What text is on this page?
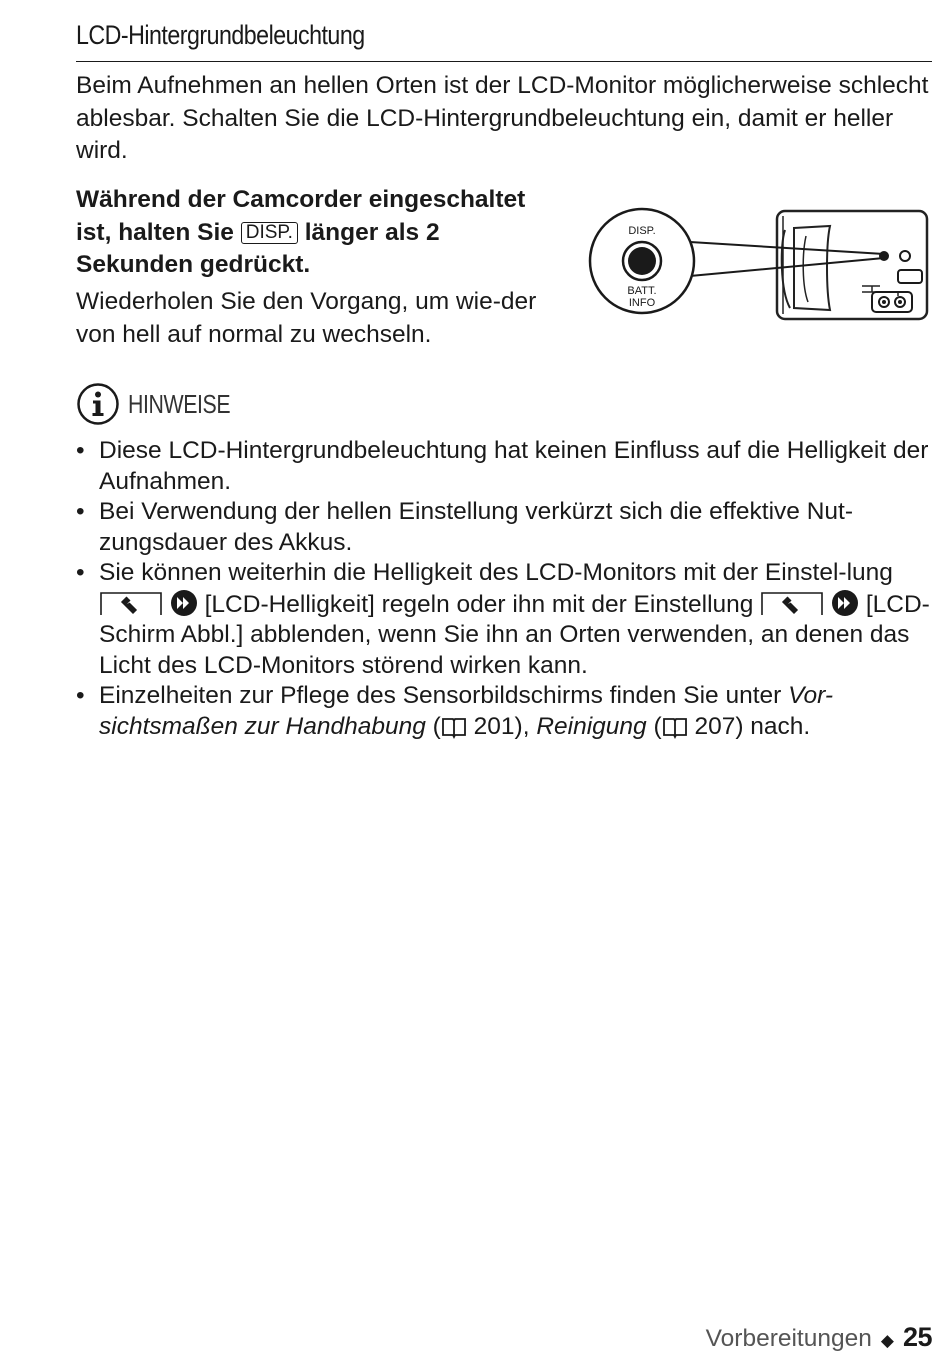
LCD-Hintergrundbeleuchtung

Beim Aufnehmen an hellen Orten ist der LCD-Monitor möglicherweise schlecht ablesbar. Schalten Sie die LCD-Hintergrundbeleuchtung ein, damit er heller wird.

Während der Camcorder eingeschaltet ist, halten Sie DISP. länger als 2 Sekunden gedrückt.

Wiederholen Sie den Vorgang, um wie-der von hell auf normal zu wechseln.

DISP.
BATT.
INFO
HINWEISE
• Diese LCD-Hintergrundbeleuchtung hat keinen Einfluss auf die Helligkeit der Aufnahmen.
• Bei Verwendung der hellen Einstellung verkürzt sich die effektive Nut-zungsdauer des Akkus.
• Sie können weiterhin die Helligkeit des LCD-Monitors mit der Einstel-lung   [LCD-Helligkeit] regeln oder ihn mit der Einstellung	[LCD-Schirm Abbl.] abblenden, wenn Sie ihn an Orten verwenden, an denen das Licht des LCD-Monitors störend wirken kann.
• Einzelheiten zur Pflege des Sensorbildschirms finden Sie unter Vor-sichtsmaßen zur Handhabung ( 201), Reinigung ( 207) nach.
Vorbereitungen ◆ 25
